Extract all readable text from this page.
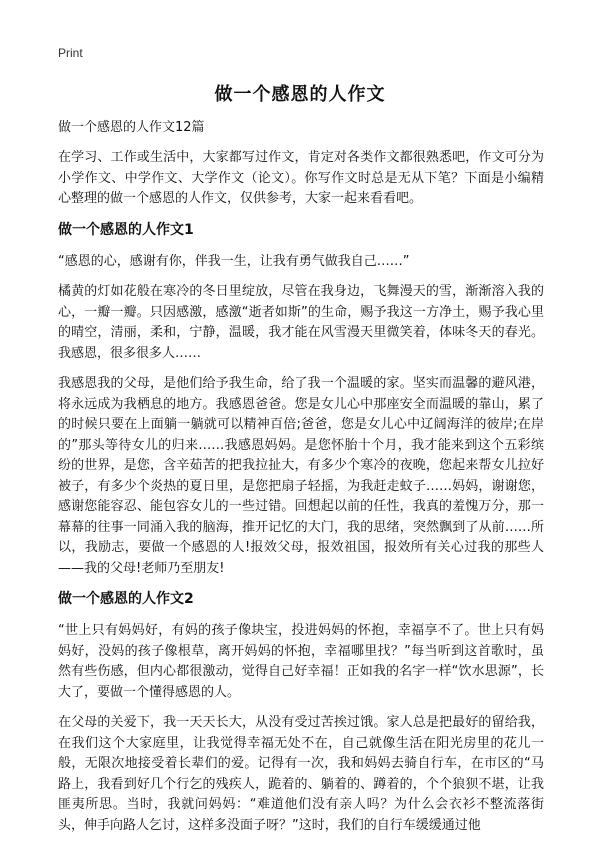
Print
做一个感恩的人作文
做一个感恩的人作文12篇

在学习、工作或生活中，大家都写过作文，肯定对各类作文都很熟悉吧，作文可分为小学作文、中学作文、大学作文（论文）。你写作文时总是无从下笔？下面是小编精心整理的做一个感恩的人作文，仅供参考，大家一起来看看吧。

做一个感恩的人作文1

“感恩的心，感谢有你，伴我一生，让我有勇气做我自己……”

橘黄的灯如花般在寒冷的冬日里绽放，尽管在我身边，飞舞漫天的雪，渐渐溶入我的心，一瓣一瓣。只因感激，感激“逝者如斯”的生命，赐予我这一方净土，赐予我心里的晴空，清丽，柔和，宁静，温暖，我才能在风雪漫天里微笑着，体味冬天的春光。我感恩，很多很多人……

我感恩我的父母，是他们给予我生命，给了我一个温暖的家。坚实而温馨的避风港，将永远成为我栖息的地方。我感恩爸爸。您是女儿心中那座安全而温暖的靠山，累了的时候只要在上面躺一躺就可以精神百倍;爸爸，您是女儿心中辽阔海洋的彼岸;在岸的”那头等待女儿的归来……我感恩妈妈。是您怀胎十个月，我才能来到这个五彩缤纷的世界，是您，含辛茹苦的把我拉扯大，有多少个寒冷的夜晚，您起来帮女儿拉好被子，有多少个炎热的夏日里，是您把扇子轻摇，为我赶走蚊子……妈妈，谢谢您，感谢您能容忍、能包容女儿的一些过错。回想起以前的任性，我真的羞愧万分，那一幕幕的往事一同涌入我的脑海，推开记忆的大门，我的思绪，突然飘到了从前……所以，我励志，要做一个感恩的人!报效父母，报效祖国，报效所有关心过我的那些人——我的父母!老师乃至朋友!

做一个感恩的人作文2

“世上只有妈妈好，有妈的孩子像块宝，投进妈妈的怀抱，幸福享不了。世上只有妈妈好，没妈的孩子像根草，离开妈妈的怀抱，幸福哪里找？”每当听到这首歌时，虽然有些伤感，但内心都很激动，觉得自己好幸福！正如我的名字一样“饮水思源”，长大了，要做一个懂得感恩的人。

在父母的关爱下，我一天天长大，从没有受过苦挨过饿。家人总是把最好的留给我，在我们这个大家庭里，让我觉得幸福无处不在，自己就像生活在阳光房里的花儿一般，无限次地接受着长辈们的爱。记得有一次，我和妈妈去骑自行车，在市区的“马路上，我看到好几个行乞的残疾人，跪着的、躺着的、蹲着的，个个狼狈不堪，让我匪夷所思。当时，我就问妈妈：“难道他们没有亲人吗？为什么会衣衫不整流落街头，伸手向路人乞讨，这样多没面子呀？”这时，我们的自行车缓缓通过他
